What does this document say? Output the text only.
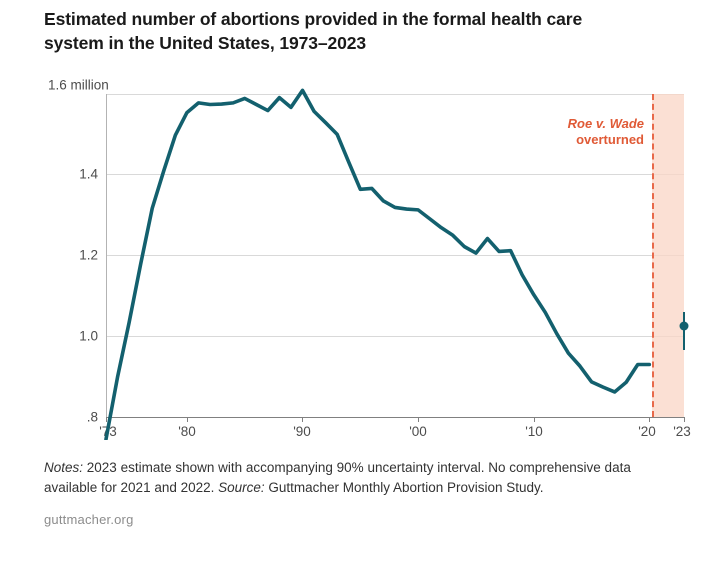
Estimated number of abortions provided in the formal health care system in the United States, 1973–2023
1.6 million
1.4
1.2
1.0
.8
Roe v. Wade
overturned
'73	'80	'90	'00	'10	'20 '23
Notes: 2023 estimate shown with accompanying 90% uncertainty interval. No comprehensive data available for 2021 and 2022. Source: Guttmacher Monthly Abortion Provision Study.
guttmacher.org
